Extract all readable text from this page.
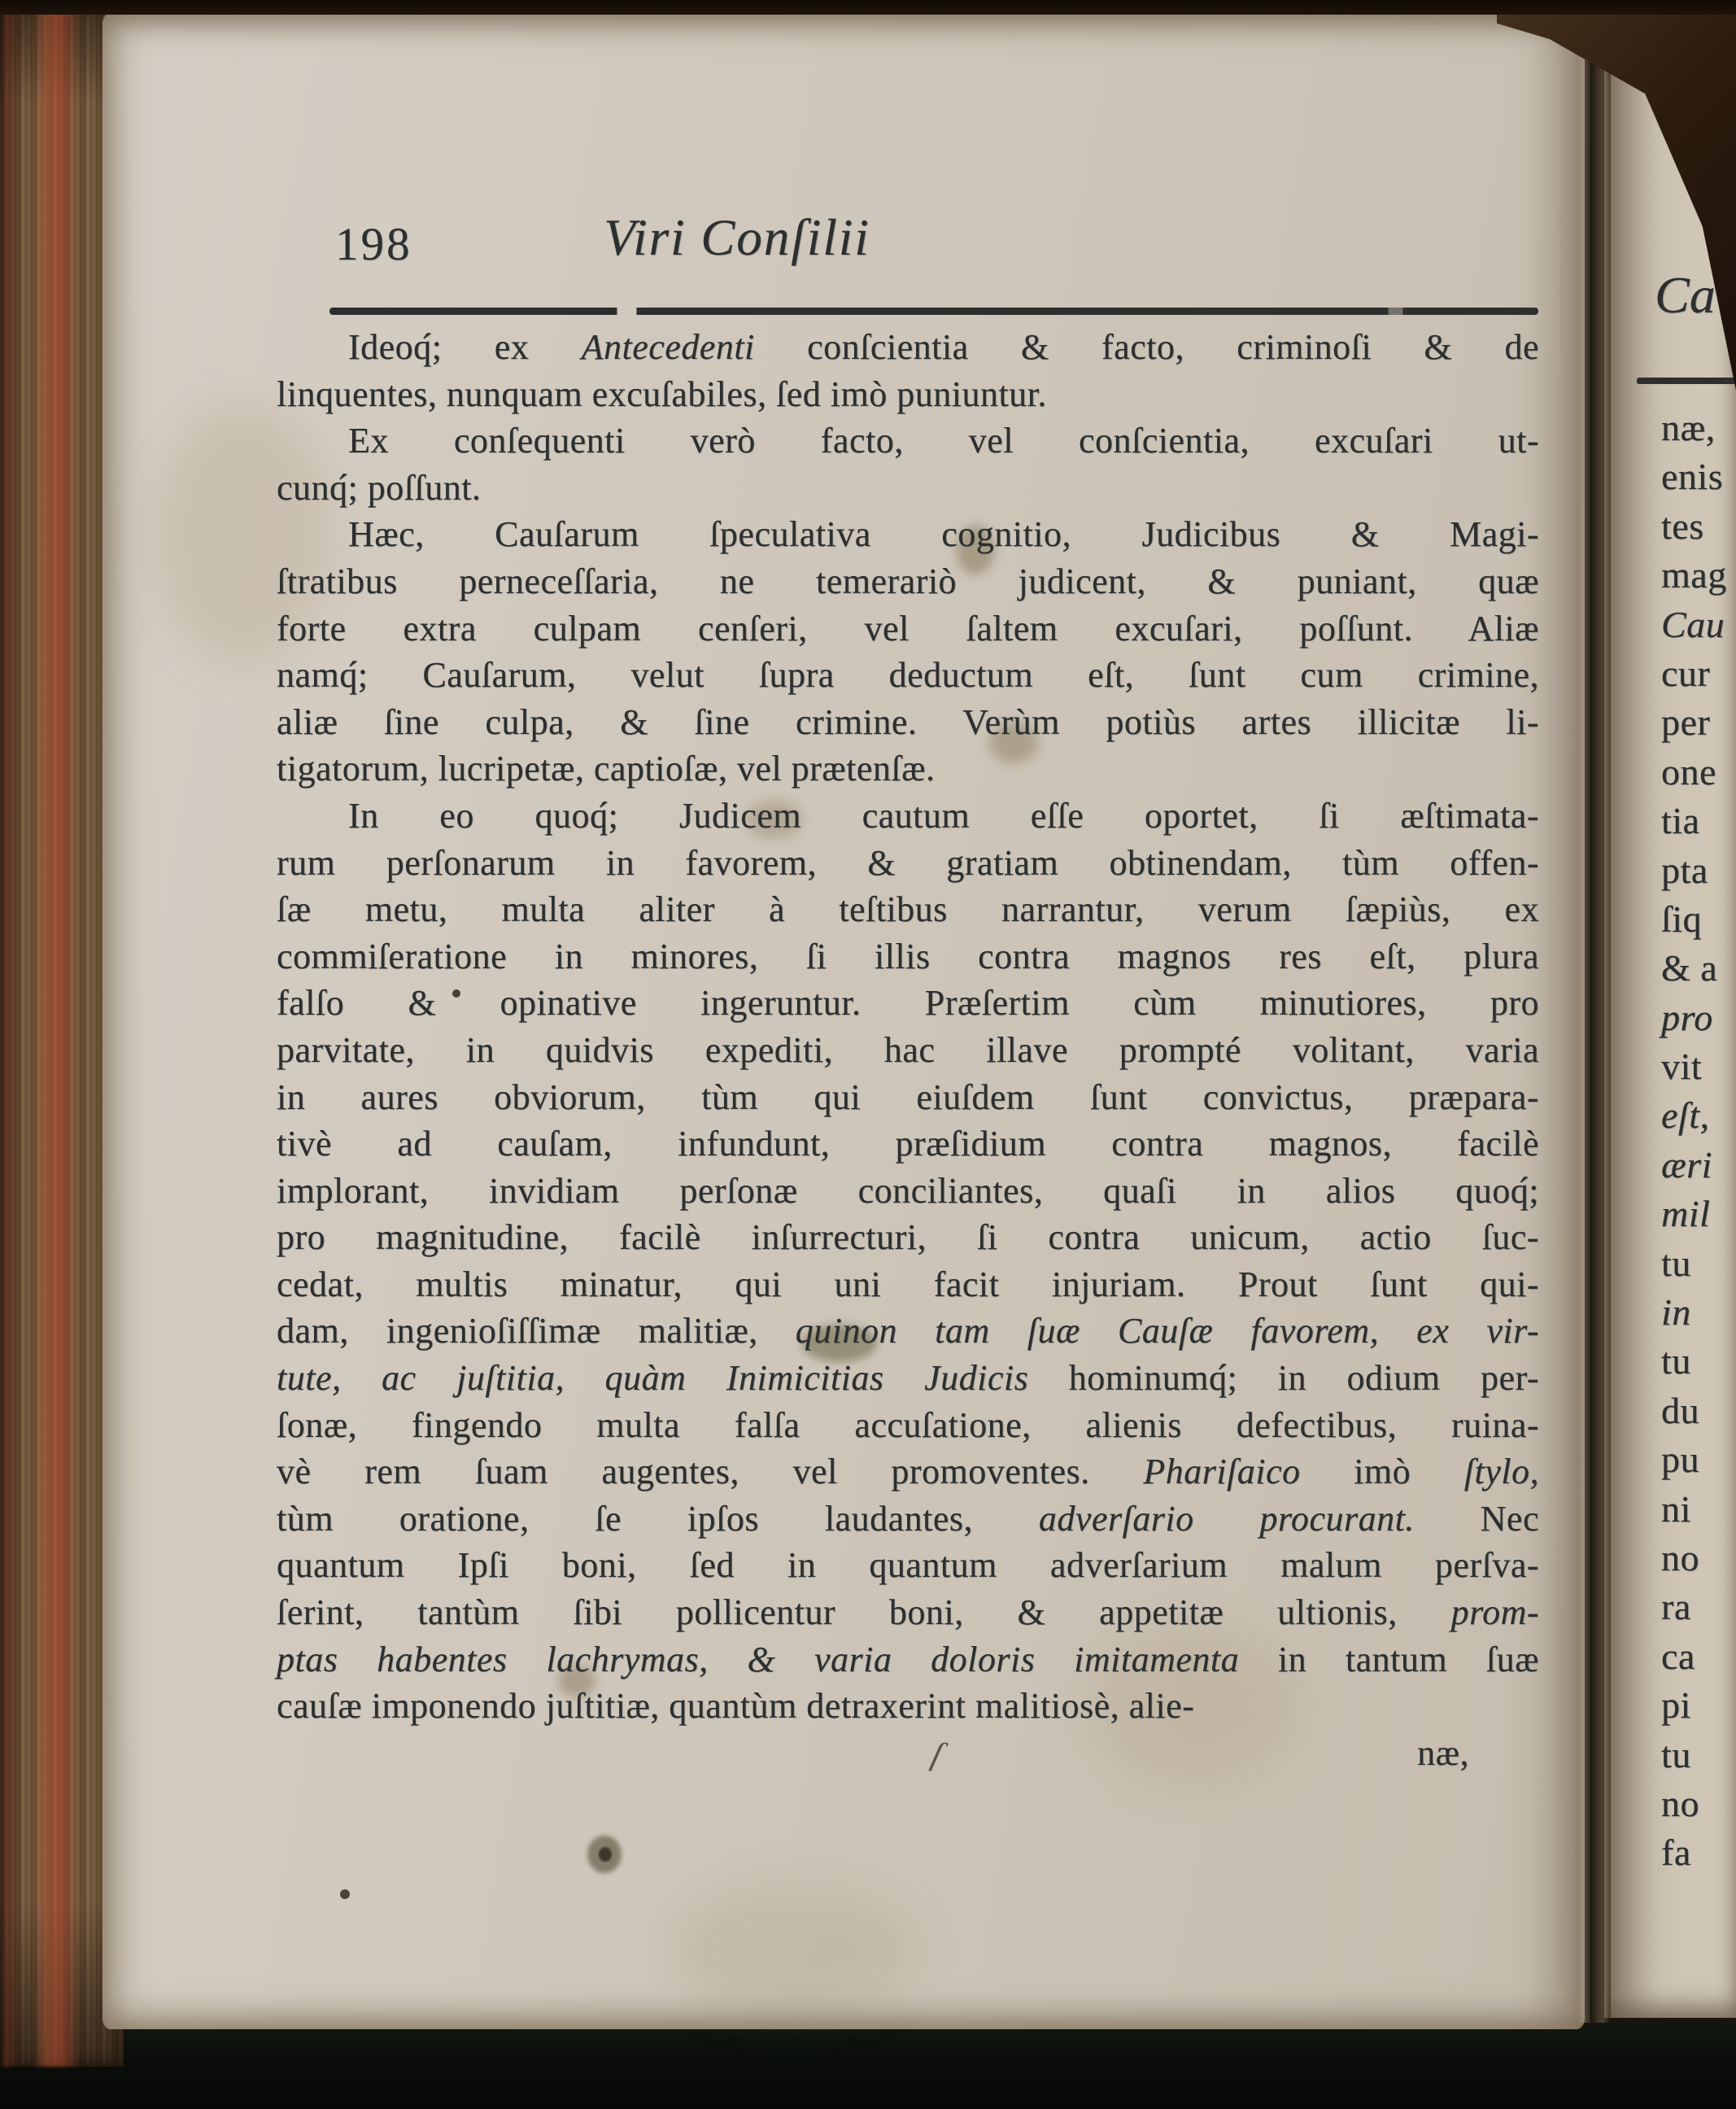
ſ
198	Viri Conſilii
Ideoq́; ex Antecedenti conſcientia & facto, criminoſi & de
linquentes, nunquam excuſabiles, ſed imò puniuntur.
Ex conſequenti verò facto, vel conſcientia, excuſari ut-
cunq́; poſſunt.
Hæc, Cauſarum ſpeculativa cognitio, Judicibus & Magi-
ſtratibus perneceſſaria, ne temerariò judicent, & puniant, quæ
forte extra culpam cenſeri, vel ſaltem excuſari, poſſunt. Aliæ
namq́; Cauſarum, velut ſupra deductum eſt, ſunt cum crimine,
aliæ ſine culpa, & ſine crimine. Verùm potiùs artes illicitæ li-
tigatorum, lucripetæ, captioſæ, vel prætenſæ.
In eo quoq́; Judicem cautum eſſe oportet, ſi æſtimata-
rum perſonarum in favorem, & gratiam obtinendam, tùm offen-
ſæ metu, multa aliter à teſtibus narrantur, verum ſæpiùs, ex
commiſeratione in minores, ſi illis contra magnos res eſt, plura
falſo & opinative ingeruntur. Præſertim cùm minutiores, pro
parvitate, in quidvis expediti, hac illave prompté volitant, varia
in aures obviorum, tùm qui eiuſdem ſunt convictus, præpara-
tivè ad cauſam, infundunt, præſidium contra magnos, facilè
implorant, invidiam perſonæ conciliantes, quaſi in alios quoq́;
pro magnitudine, facilè inſurrecturi, ſi contra unicum, actio ſuc-
cedat, multis minatur, qui uni facit injuriam. Prout ſunt qui-
dam, ingenioſiſſimæ malitiæ, quinon tam ſuæ Cauſæ favorem, ex vir-
tute, ac juſtitia, quàm Inimicitias Judicis hominumq́; in odium per-
ſonæ, fingendo multa falſa accuſatione, alienis defectibus, ruina-
vè rem ſuam augentes, vel promoventes. Phariſaico imò ſtylo,
tùm oratione, ſe ipſos laudantes, adverſario procurant. Nec
quantum Ipſi boni, ſed in quantum adverſarium malum perſva-
ſerint, tantùm ſibi pollicentur boni, & appetitæ ultionis, prom-
ptas habentes lachrymas, & varia doloris imitamenta in tantum ſuæ
cauſæ imponendo juſtitiæ, quantùm detraxerint malitiosè, alie-
næ,
Ca
næ,
enis
tes
mag
Cau
cur
per
one
tia
pta
ſiq
& a
pro
vit
eſt,
æri
mil
tu
in
tu
du
pu
ni
no
ra
ca
pi
tu
no
fa
